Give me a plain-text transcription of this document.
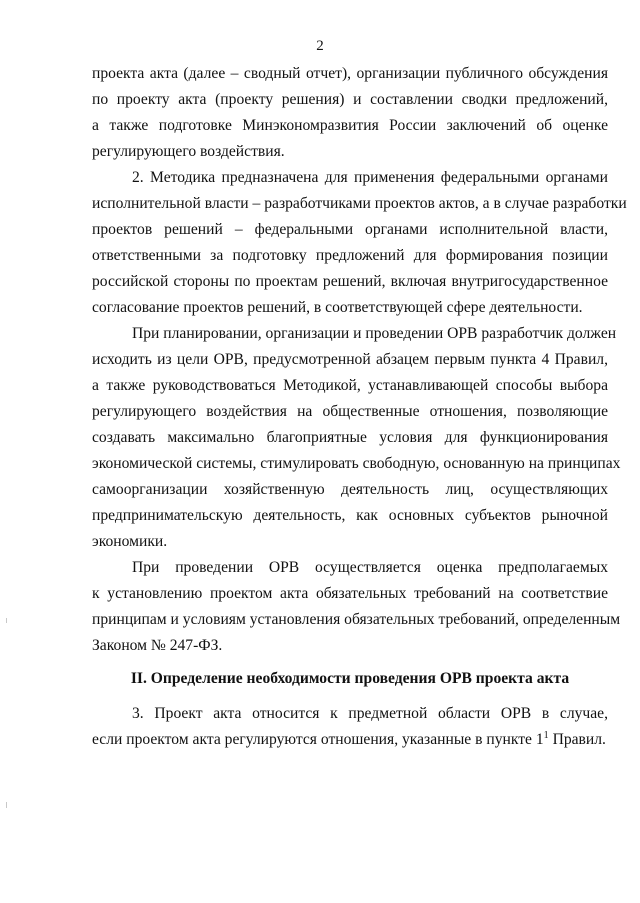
2
проекта акта (далее – сводный отчет), организации публичного обсуждения
по проекту акта (проекту решения) и составлении сводки предложений,
а также подготовке Минэкономразвития России заключений об оценке
регулирующего воздействия.
2. Методика предназначена для применения федеральными органами
исполнительной власти – разработчиками проектов актов, а в случае разработки
проектов решений – федеральными органами исполнительной власти,
ответственными за подготовку предложений для формирования позиции
российской стороны по проектам решений, включая внутригосударственное
согласование проектов решений, в соответствующей сфере деятельности.
При планировании, организации и проведении ОРВ разработчик должен
исходить из цели ОРВ, предусмотренной абзацем первым пункта 4 Правил,
а также руководствоваться Методикой, устанавливающей способы выбора
регулирующего воздействия на общественные отношения, позволяющие
создавать максимально благоприятные условия для функционирования
экономической системы, стимулировать свободную, основанную на принципах
самоорганизации хозяйственную деятельность лиц, осуществляющих
предпринимательскую деятельность, как основных субъектов рыночной
экономики.
При проведении ОРВ осуществляется оценка предполагаемых
к установлению проектом акта обязательных требований на соответствие
принципам и условиям установления обязательных требований, определенным
Законом № 247-ФЗ.
II. Определение необходимости проведения ОРВ проекта акта
3. Проект акта относится к предметной области ОРВ в случае,
если проектом акта регулируются отношения, указанные в пункте $1^1$ Правил.
